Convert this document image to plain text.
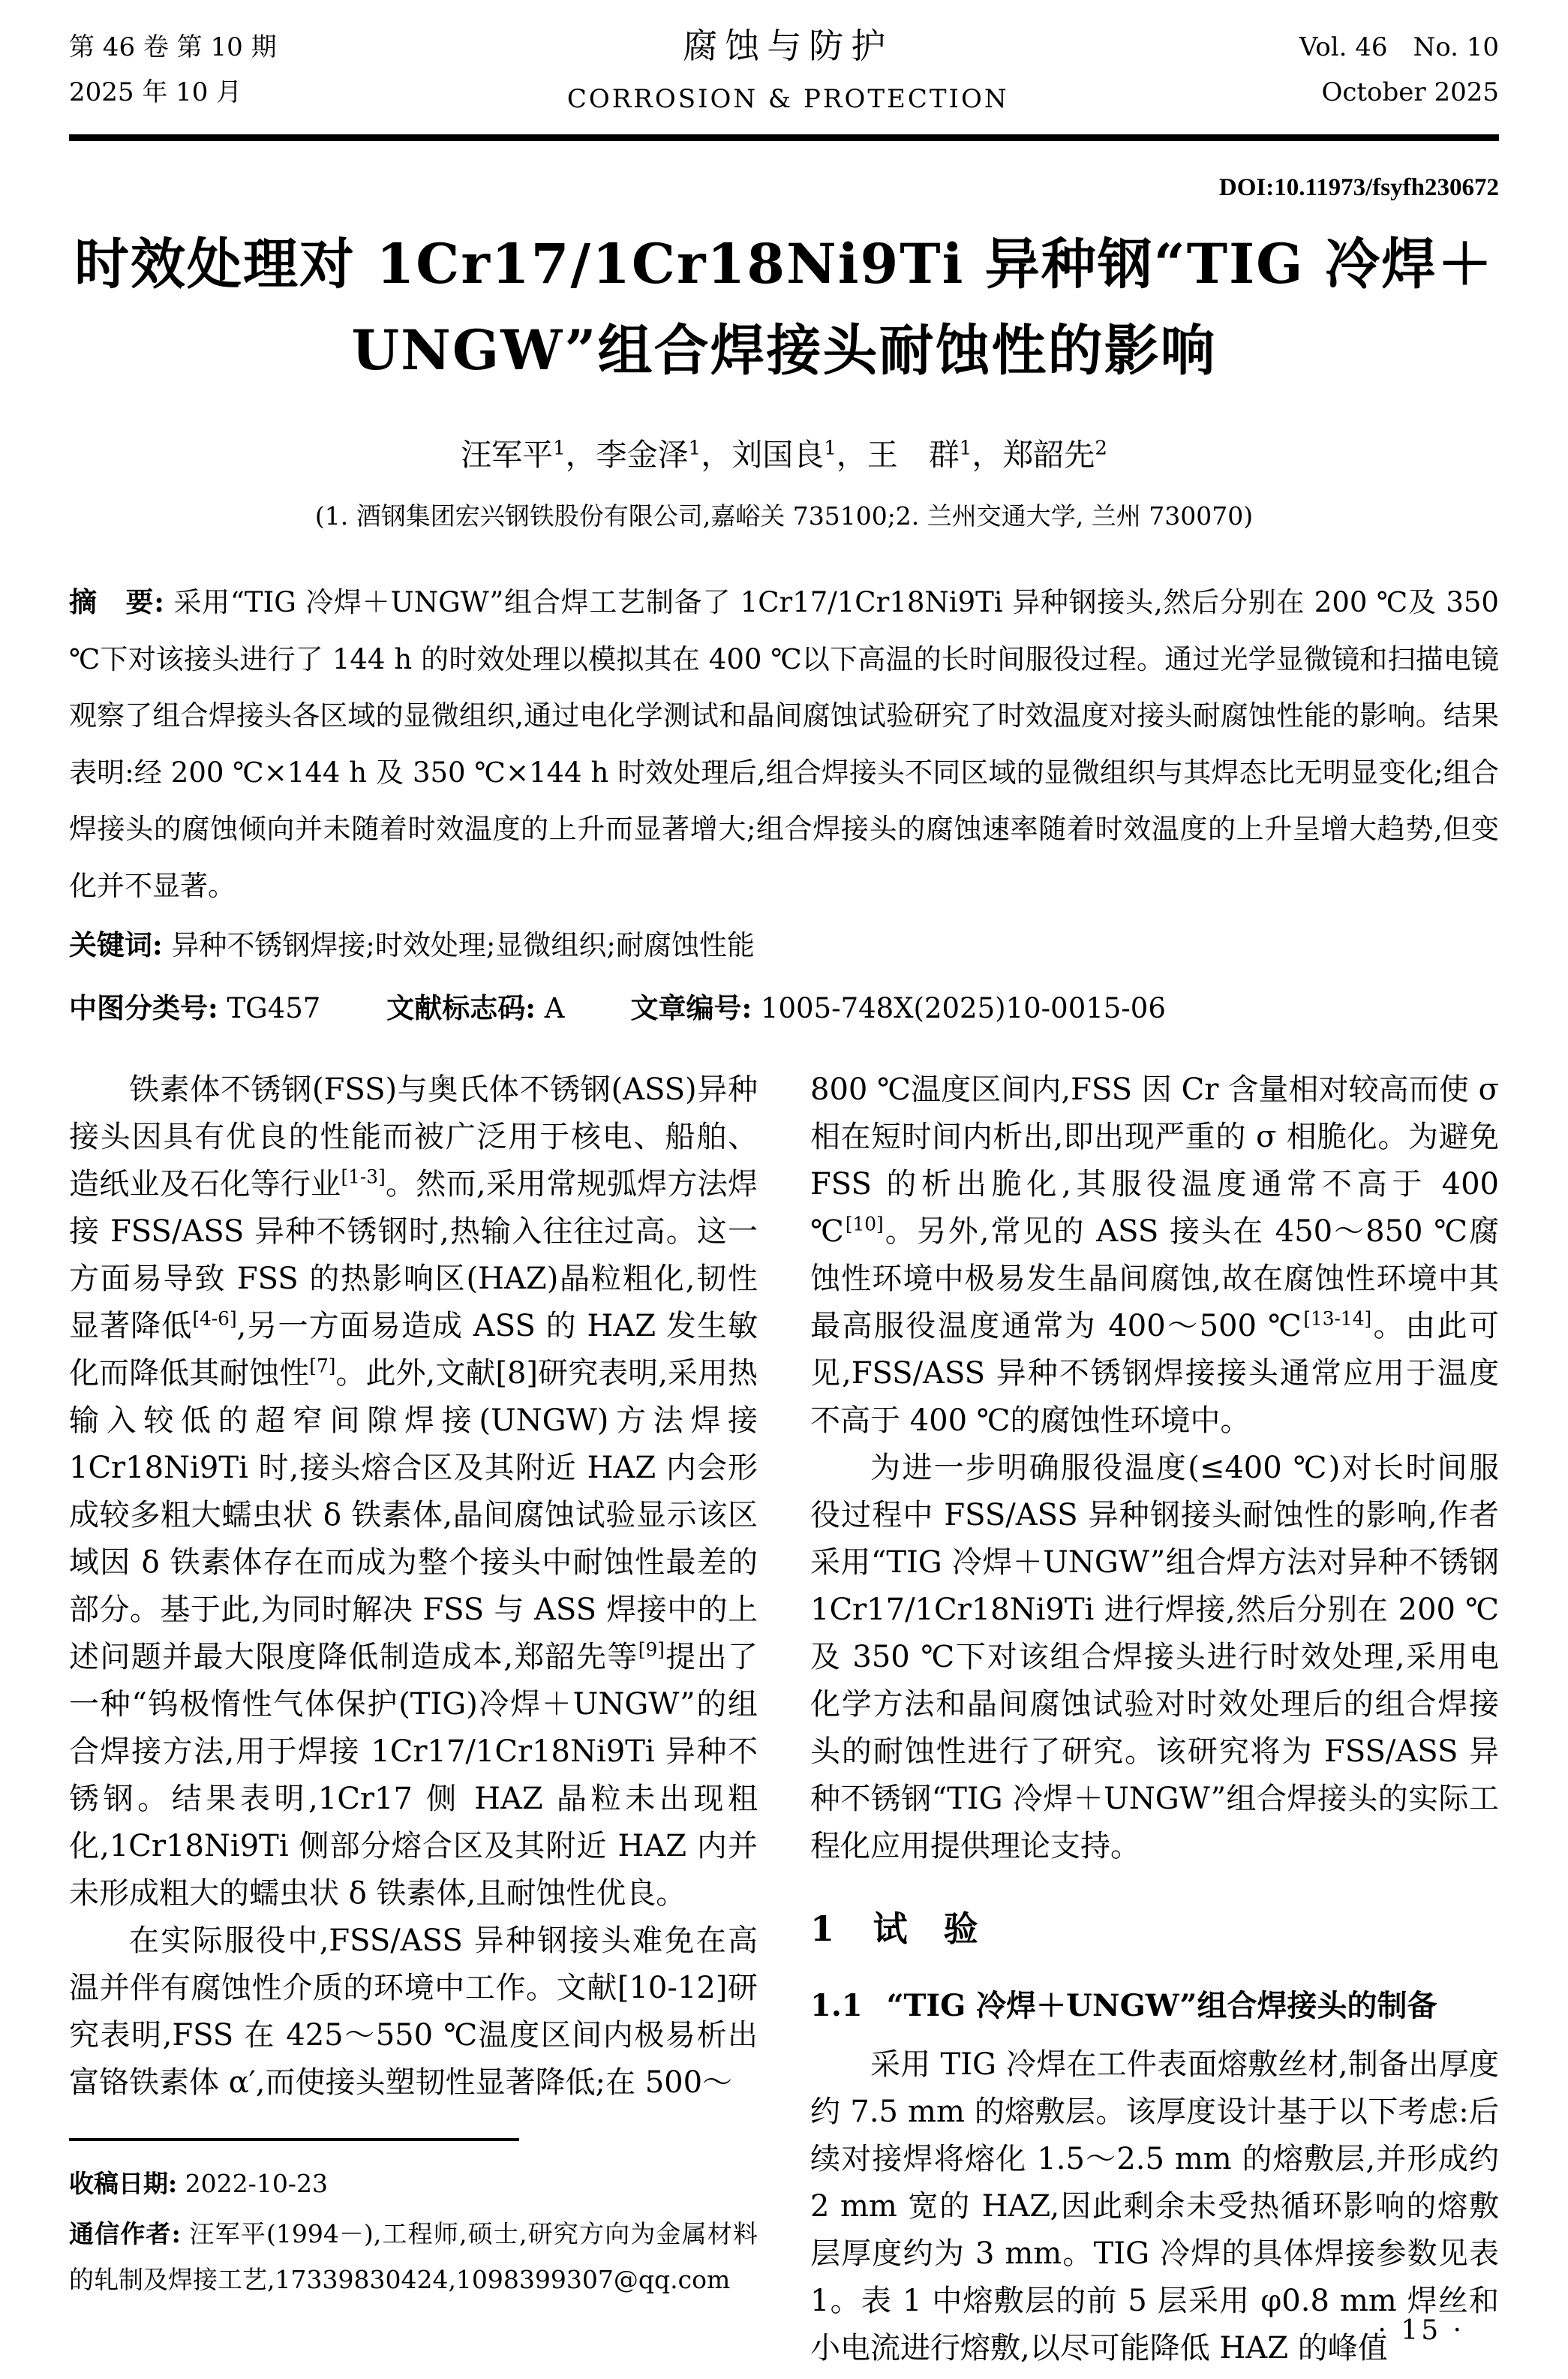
第 46 卷 第 10 期
2025 年 10 月
腐蚀与防护
CORROSION & PROTECTION
Vol. 46　No. 10
October 2025
DOI:10.11973/fsyfh230672
时效处理对 1Cr17/1Cr18Ni9Ti 异种钢“TIG 冷焊＋
UNGW”组合焊接头耐蚀性的影响
汪军平$^1$，李金泽$^1$，刘国良$^1$，王　群$^1$，郑韶先$^2$
(1. 酒钢集团宏兴钢铁股份有限公司,嘉峪关 735100;2. 兰州交通大学, 兰州 730070)
摘　要: 采用“TIG 冷焊＋UNGW”组合焊工艺制备了 1Cr17/1Cr18Ni9Ti 异种钢接头,然后分别在 200 ℃及 350 ℃下对该接头进行了 144 h 的时效处理以模拟其在 400 ℃以下高温的长时间服役过程。通过光学显微镜和扫描电镜观察了组合焊接头各区域的显微组织,通过电化学测试和晶间腐蚀试验研究了时效温度对接头耐腐蚀性能的影响。结果表明:经 200 ℃×144 h 及 350 ℃×144 h 时效处理后,组合焊接头不同区域的显微组织与其焊态比无明显变化;组合焊接头的腐蚀倾向并未随着时效温度的上升而显著增大;组合焊接头的腐蚀速率随着时效温度的上升呈增大趋势,但变化并不显著。
关键词: 异种不锈钢焊接;时效处理;显微组织;耐腐蚀性能
中图分类号: TG457 文献标志码: A 文章编号: 1005-748X(2025)10-0015-06

铁素体不锈钢(FSS)与奥氏体不锈钢(ASS)异种接头因具有优良的性能而被广泛用于核电、船舶、造纸业及石化等行业[1-3]。然而,采用常规弧焊方法焊接 FSS/ASS 异种不锈钢时,热输入往往过高。这一方面易导致 FSS 的热影响区(HAZ)晶粒粗化,韧性显著降低[4-6],另一方面易造成 ASS 的 HAZ 发生敏化而降低其耐蚀性[7]。此外,文献[8]研究表明,采用热输入较低的超窄间隙焊接(UNGW)方法焊接 1Cr18Ni9Ti 时,接头熔合区及其附近 HAZ 内会形成较多粗大蠕虫状 δ 铁素体,晶间腐蚀试验显示该区域因 δ 铁素体存在而成为整个接头中耐蚀性最差的部分。基于此,为同时解决 FSS 与 ASS 焊接中的上述问题并最大限度降低制造成本,郑韶先等[9]提出了一种“钨极惰性气体保护(TIG)冷焊＋UNGW”的组合焊接方法,用于焊接 1Cr17/1Cr18Ni9Ti 异种不锈钢。结果表明,1Cr17 侧 HAZ 晶粒未出现粗化,1Cr18Ni9Ti 侧部分熔合区及其附近 HAZ 内并未形成粗大的蠕虫状 δ 铁素体,且耐蚀性优良。

在实际服役中,FSS/ASS 异种钢接头难免在高温并伴有腐蚀性介质的环境中工作。文献[10-12]研究表明,FSS 在 425～550 ℃温度区间内极易析出富铬铁素体 α′,而使接头塑韧性显著降低;在 500～

收稿日期: 2022-10-23
通信作者: 汪军平(1994－),工程师,硕士,研究方向为金属材料的轧制及焊接工艺,17339830424,1098399307@qq.com

800 ℃温度区间内,FSS 因 Cr 含量相对较高而使 σ 相在短时间内析出,即出现严重的 σ 相脆化。为避免 FSS 的析出脆化,其服役温度通常不高于 400 ℃[10]。另外,常见的 ASS 接头在 450～850 ℃腐蚀性环境中极易发生晶间腐蚀,故在腐蚀性环境中其最高服役温度通常为 400～500 ℃[13-14]。由此可见,FSS/ASS 异种不锈钢焊接接头通常应用于温度不高于 400 ℃的腐蚀性环境中。

为进一步明确服役温度(≤400 ℃)对长时间服役过程中 FSS/ASS 异种钢接头耐蚀性的影响,作者采用“TIG 冷焊＋UNGW”组合焊方法对异种不锈钢 1Cr17/1Cr18Ni9Ti 进行焊接,然后分别在 200 ℃及 350 ℃下对该组合焊接头进行时效处理,采用电化学方法和晶间腐蚀试验对时效处理后的组合焊接头的耐蚀性进行了研究。该研究将为 FSS/ASS 异种不锈钢“TIG 冷焊＋UNGW”组合焊接头的实际工程化应用提供理论支持。

1 试　验
1.1 “TIG 冷焊＋UNGW”组合焊接头的制备

采用 TIG 冷焊在工件表面熔敷丝材,制备出厚度约 7.5 mm 的熔敷层。该厚度设计基于以下考虑:后续对接焊将熔化 1.5～2.5 mm 的熔敷层,并形成约 2 mm 宽的 HAZ,因此剩余未受热循环影响的熔敷层厚度约为 3 mm。TIG 冷焊的具体焊接参数见表 1。表 1 中熔敷层的前 5 层采用 φ0.8 mm 焊丝和小电流进行熔敷,以尽可能降低 HAZ 的峰值

· 15 ·
